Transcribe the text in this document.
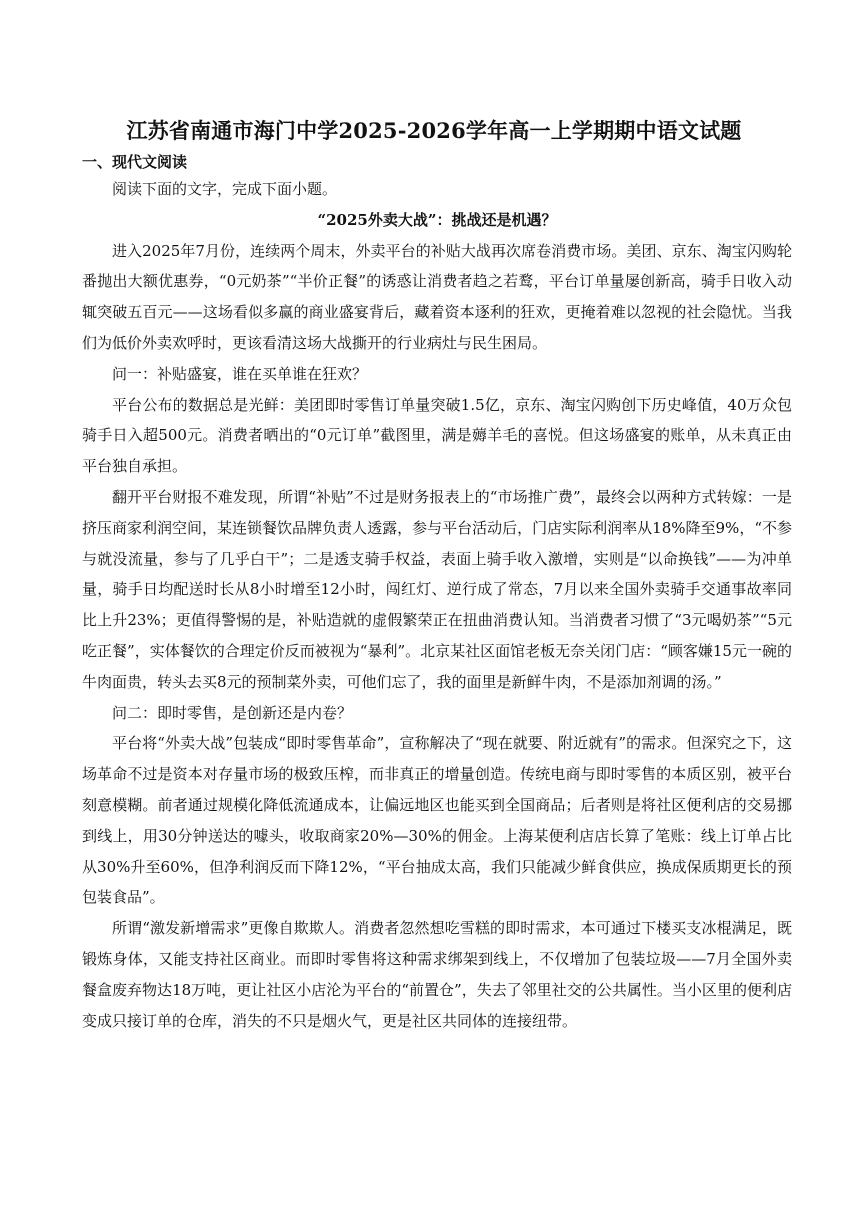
江苏省南通市海门中学2025-2026学年高一上学期期中语文试题
一、现代文阅读

阅读下面的文字，完成下面小题。

“2025外卖大战”：挑战还是机遇？

进入2025年7月份，连续两个周末，外卖平台的补贴大战再次席卷消费市场。美团、京东、淘宝闪购轮番抛出大额优惠券，“0元奶茶”“半价正餐”的诱惑让消费者趋之若鹜，平台订单量屡创新高，骑手日收入动辄突破五百元——这场看似多赢的商业盛宴背后，藏着资本逐利的狂欢，更掩着难以忽视的社会隐忧。当我们为低价外卖欢呼时，更该看清这场大战撕开的行业病灶与民生困局。

问一：补贴盛宴，谁在买单谁在狂欢？

平台公布的数据总是光鲜：美团即时零售订单量突破1.5亿，京东、淘宝闪购创下历史峰值，40万众包骑手日入超500元。消费者晒出的“0元订单”截图里，满是薅羊毛的喜悦。但这场盛宴的账单，从未真正由平台独自承担。

翻开平台财报不难发现，所谓“补贴”不过是财务报表上的“市场推广费”，最终会以两种方式转嫁：一是挤压商家利润空间，某连锁餐饮品牌负责人透露，参与平台活动后，门店实际利润率从18%降至9%，“不参与就没流量，参与了几乎白干”；二是透支骑手权益，表面上骑手收入激增，实则是“以命换钱”——为冲单量，骑手日均配送时长从8小时增至12小时，闯红灯、逆行成了常态，7月以来全国外卖骑手交通事故率同比上升23%；更值得警惕的是，补贴造就的虚假繁荣正在扭曲消费认知。当消费者习惯了“3元喝奶茶”“5元吃正餐”，实体餐饮的合理定价反而被视为“暴利”。北京某社区面馆老板无奈关闭门店：“顾客嫌15元一碗的牛肉面贵，转头去买8元的预制菜外卖，可他们忘了，我的面里是新鲜牛肉，不是添加剂调的汤。”

问二：即时零售，是创新还是内卷？

平台将“外卖大战”包装成“即时零售革命”，宣称解决了“现在就要、附近就有”的需求。但深究之下，这场革命不过是资本对存量市场的极致压榨，而非真正的增量创造。传统电商与即时零售的本质区别，被平台刻意模糊。前者通过规模化降低流通成本，让偏远地区也能买到全国商品；后者则是将社区便利店的交易挪到线上，用30分钟送达的噱头，收取商家20%—30%的佣金。上海某便利店店长算了笔账：线上订单占比从30%升至60%，但净利润反而下降12%，“平台抽成太高，我们只能减少鲜食供应，换成保质期更长的预包装食品”。

所谓“激发新增需求”更像自欺欺人。消费者忽然想吃雪糕的即时需求，本可通过下楼买支冰棍满足，既锻炼身体，又能支持社区商业。而即时零售将这种需求绑架到线上，不仅增加了包装垃圾——7月全国外卖餐盒废弃物达18万吨，更让社区小店沦为平台的“前置仓”，失去了邻里社交的公共属性。当小区里的便利店变成只接订单的仓库，消失的不只是烟火气，更是社区共同体的连接纽带。
